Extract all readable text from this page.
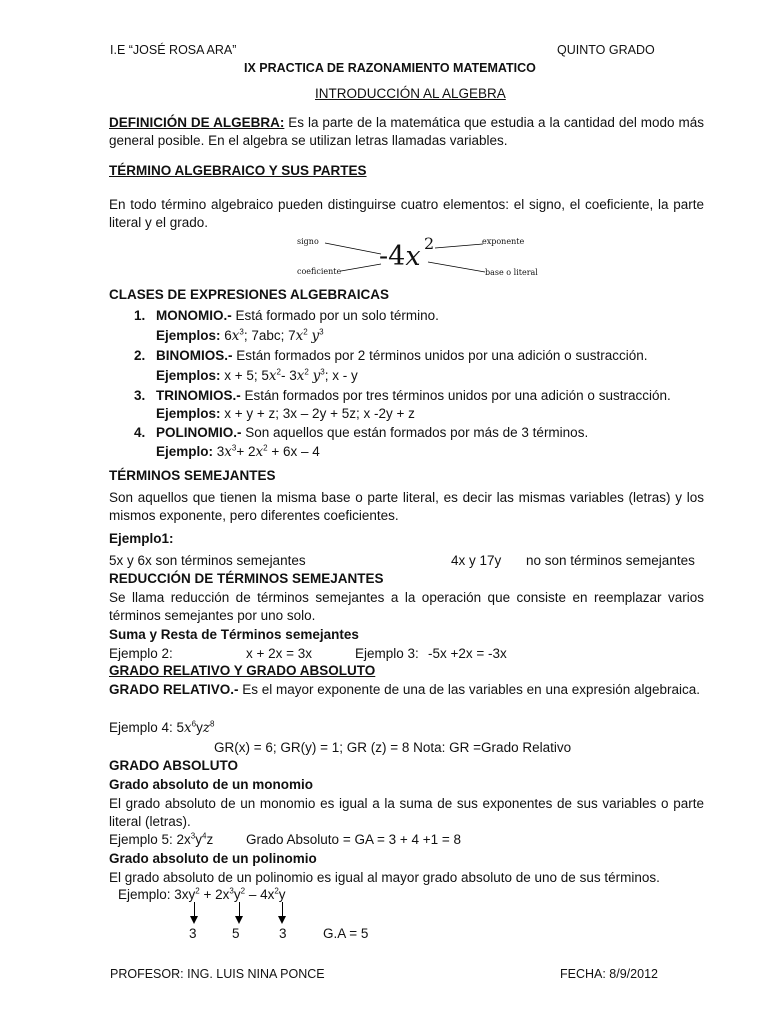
I.E “JOSÉ ROSA ARA”	QUINTO GRADO
IX PRACTICA DE RAZONAMIENTO MATEMATICO
INTRODUCCIÓN AL ALGEBRA
DEFINICIÓN DE ALGEBRA: Es la parte de la matemática que estudia a la cantidad del modo más general posible. En el algebra se utilizan letras llamadas variables.
TÉRMINO ALGEBRAICO Y SUS PARTES
En todo término algebraico pueden distinguirse cuatro elementos: el signo, el coeficiente, la parte literal y el grado.
signo
coeficiente
exponente
base o literal
-4x 2
CLASES DE EXPRESIONES ALGEBRAICAS
1. MONOMIO.- Está formado por un solo término.
Ejemplos: $6x^3$; 7abc; $7x^2$ $y^3$
2. BINOMIOS.- Están formados por 2 términos unidos por una adición o sustracción.
Ejemplos: x + 5; $5x^2-$ $3x^2$ $y^3$; x - y
3. TRINOMIOS.- Están formados por tres términos unidos por una adición o sustracción.
Ejemplos: x + y + z; 3x – 2y + 5z; x -2y + z
4. POLINOMIO.- Son aquellos que están formados por más de 3 términos.
Ejemplo: $3x^3+ 2x^2 + 6x - 4$
TÉRMINOS SEMEJANTES
Son aquellos que tienen la misma base o parte literal, es decir las mismas variables (letras) y los mismos exponente, pero diferentes coeficientes.
Ejemplo1:
5x y 6x son términos semejantes	4x y 17y no son términos semejantes
REDUCCIÓN DE TÉRMINOS SEMEJANTES
Se llama reducción de términos semejantes a la operación que consiste en reemplazar varios términos semejantes por uno solo.
Suma y Resta de Términos semejantes
Ejemplo 2:	x + 2x = 3x	Ejemplo 3: -5x +2x = -3x
GRADO RELATIVO Y GRADO ABSOLUTO
GRADO RELATIVO.- Es el mayor exponente de una de las variables en una expresión algebraica.
Ejemplo 4: $5x^6yz^8$
GR(x) = 6; GR(y) = 1; GR (z) = 8 Nota: GR =Grado Relativo
GRADO ABSOLUTO
Grado absoluto de un monomio
El grado absoluto de un monomio es igual a la suma de sus exponentes de sus variables o parte literal (letras).
Ejemplo 5: $2x^3y^4z$ Grado Absoluto = GA = 3 + 4 +1 = 8
Grado absoluto de un polinomio
El grado absoluto de un polinomio es igual al mayor grado absoluto de uno de sus términos.
Ejemplo: $3xy^2 + 2x^3y^2 - 4x^2y$
3	5	3	G.A = 5
PROFESOR: ING. LUIS NINA PONCE	FECHA: 8/9/2012
